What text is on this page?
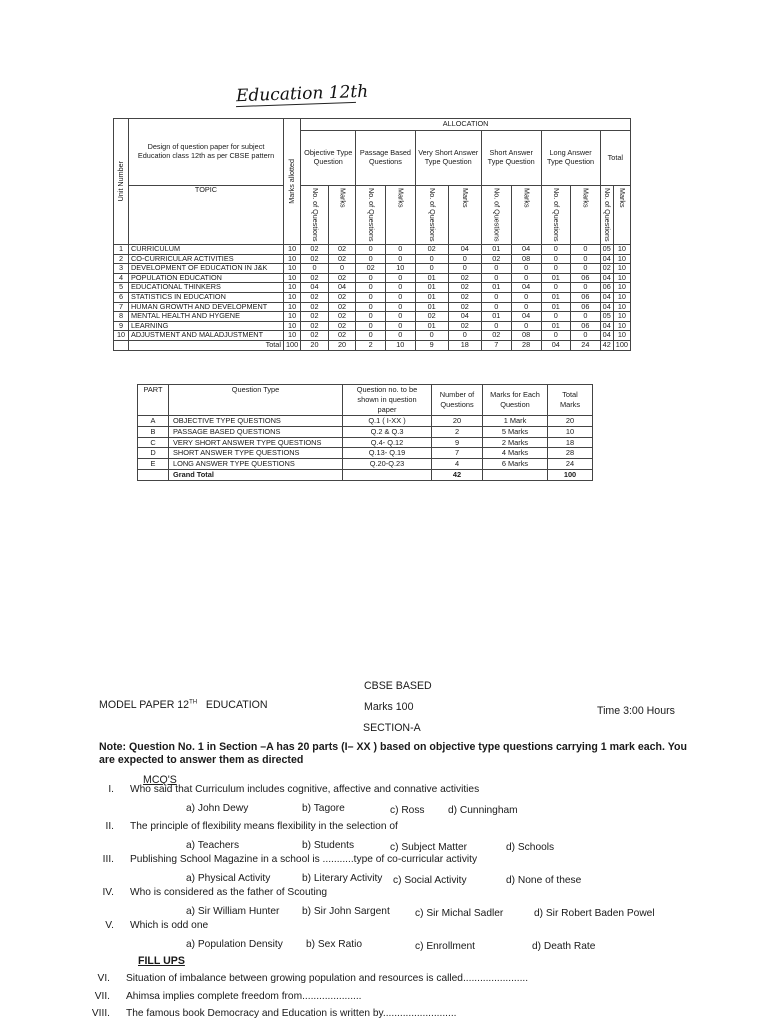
Education 12th
Unit Number	Design of question paper for subject Education class 12th as per CBSE pattern	Marks allotted	ALLOCATION											
			Objective Type Question		Passage Based Questions		Very Short Answer Type Question		Short Answer Type Question		Long Answer Type Question		Total	
	TOPIC		No. of Questions	Marks	No. of Questions	Marks	No. of Questions	Marks	No. of Questions	Marks	No. of Questions	Marks	No. of Questions	Marks

1	CURRICULUM	10	02	02	0	0	02	04	01	04	0	0	05	10
2	CO-CURRICULAR ACTIVITIES	10	02	02	0	0	0	0	02	08	0	0	04	10
3	DEVELOPMENT OF EDUCATION IN J&K	10	0	0	02	10	0	0	0	0	0	0	02	10
4	POPULATION EDUCATION	10	02	02	0	0	01	02	0	0	01	06	04	10
5	EDUCATIONAL THINKERS	10	04	04	0	0	01	02	01	04	0	0	06	10
6	STATISTICS IN EDUCATION	10	02	02	0	0	01	02	0	0	01	06	04	10
7	HUMAN GROWTH AND DEVELOPMENT	10	02	02	0	0	01	02	0	0	01	06	04	10
8	MENTAL HEALTH AND HYGENE	10	02	02	0	0	02	04	01	04	0	0	05	10
9	LEARNING	10	02	02	0	0	01	02	0	0	01	06	04	10
10	ADJUSTMENT AND MALADJUSTMENT	10	02	02	0	0	0	0	02	08	0	0	04	10
	Total	100	20	20	2	10	9	18	7	28	04	24	42	100
PART	Question Type	Question no. to be shown in question paper	Number of Questions	Marks for Each Question	Total Marks
A	OBJECTIVE TYPE QUESTIONS	Q.1 ( I-XX )	20	1 Mark	20
B	PASSAGE BASED QUESTIONS	Q.2 & Q.3	2	5 Marks	10
C	VERY SHORT ANSWER TYPE QUESTIONS	Q.4- Q.12	9	2 Marks	18
D	SHORT ANSWER TYPE QUESTIONS	Q.13- Q.19	7	4 Marks	28
E	LONG ANSWER TYPE QUESTIONS	Q.20-Q.23	4	6 Marks	24
	Grand Total		42		100
CBSE BASED
MODEL PAPER 12TH EDUCATION	Marks 100	Time 3:00 Hours
SECTION-A
Note: Question No. 1 in Section –A has 20 parts (I– XX ) based on objective type questions carrying 1 mark each. You are expected to answer them as directed
MCQ'S
I. Who said that Curriculum includes cognitive, affective and connative activities
a) John Dewy	b) Tagore	c) Ross d) Cunningham
II. The principle of flexibility means flexibility in the selection of
a) Teachers	b) Students	c) Subject Matter	d) Schools
III. Publishing School Magazine in a school is ...........type of co-curricular activity
a) Physical Activity	b) Literary Activity c) Social Activity	d) None of these
IV. Who is considered as the father of Scouting
a) Sir William Hunter b) Sir John Sargent c) Sir Michal Sadler	d) Sir Robert Baden Powel
V. Which is odd one
a) Population Density b) Sex Ratio	c) Enrollment	d) Death Rate
FILL UPS
VI. Situation of imbalance between growing population and resources is called.......................
VII. Ahimsa implies complete freedom from.....................
VIII. The famous book Democracy and Education is written by..........................
